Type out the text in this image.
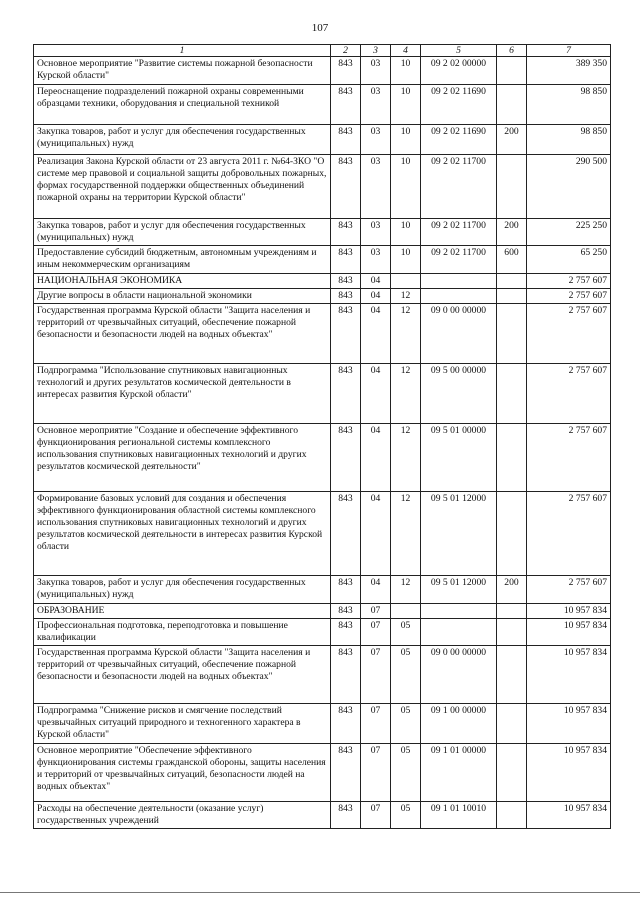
107
1	2	3	4	5	6	7
Основное мероприятие "Развитие системы пожарной безопасности Курской области"	843	03	10	09 2 02 00000		389 350
Переоснащение подразделений пожарной охраны современными образцами техники, оборудования и специальной техникой	843	03	10	09 2 02 11690		98 850
Закупка товаров, работ и услуг для обеспечения государственных (муниципальных) нужд	843	03	10	09 2 02 11690	200	98 850
Реализация Закона Курской области от 23 августа 2011 г. №64-ЗКО "О системе мер правовой и социальной защиты добровольных пожарных, формах государственной поддержки общественных объединений пожарной охраны на территории Курской области"	843	03	10	09 2 02 11700		290 500
Закупка товаров, работ и услуг для обеспечения государственных (муниципальных) нужд	843	03	10	09 2 02 11700	200	225 250
Предоставление субсидий бюджетным, автономным учреждениям и иным некоммерческим организациям	843	03	10	09 2 02 11700	600	65 250
НАЦИОНАЛЬНАЯ ЭКОНОМИКА	843	04				2 757 607
Другие вопросы в области национальной экономики	843	04	12			2 757 607
Государственная программа Курской области "Защита населения и территорий от чрезвычайных ситуаций, обеспечение пожарной безопасности и безопасности людей на водных объектах"	843	04	12	09 0 00 00000		2 757 607
Подпрограмма "Использование спутниковых навигационных технологий и других результатов космической деятельности в интересах развития Курской области"	843	04	12	09 5 00 00000		2 757 607
Основное мероприятие "Создание и обеспечение эффективного функционирования региональной системы комплексного использования спутниковых навигационных технологий и других результатов космической деятельности"	843	04	12	09 5 01 00000		2 757 607
Формирование базовых условий для создания и обеспечения эффективного функционирования областной системы комплексного использования спутниковых навигационных технологий и других результатов космической деятельности в интересах развития Курской области	843	04	12	09 5 01 12000		2 757 607
Закупка товаров, работ и услуг для обеспечения государственных (муниципальных) нужд	843	04	12	09 5 01 12000	200	2 757 607
ОБРАЗОВАНИЕ	843	07				10 957 834
Профессиональная подготовка, переподготовка и повышение квалификации	843	07	05			10 957 834
Государственная программа Курской области "Защита населения и территорий от чрезвычайных ситуаций, обеспечение пожарной безопасности и безопасности людей на водных объектах"	843	07	05	09 0 00 00000		10 957 834
Подпрограмма "Снижение рисков и смягчение последствий чрезвычайных ситуаций природного и техногенного характера в Курской области"	843	07	05	09 1 00 00000		10 957 834
Основное мероприятие "Обеспечение эффективного функционирования системы гражданской обороны, защиты населения и территорий от чрезвычайных ситуаций, безопасности людей на водных объектах"	843	07	05	09 1 01 00000		10 957 834
Расходы на обеспечение деятельности (оказание услуг) государственных учреждений	843	07	05	09 1 01 10010		10 957 834
